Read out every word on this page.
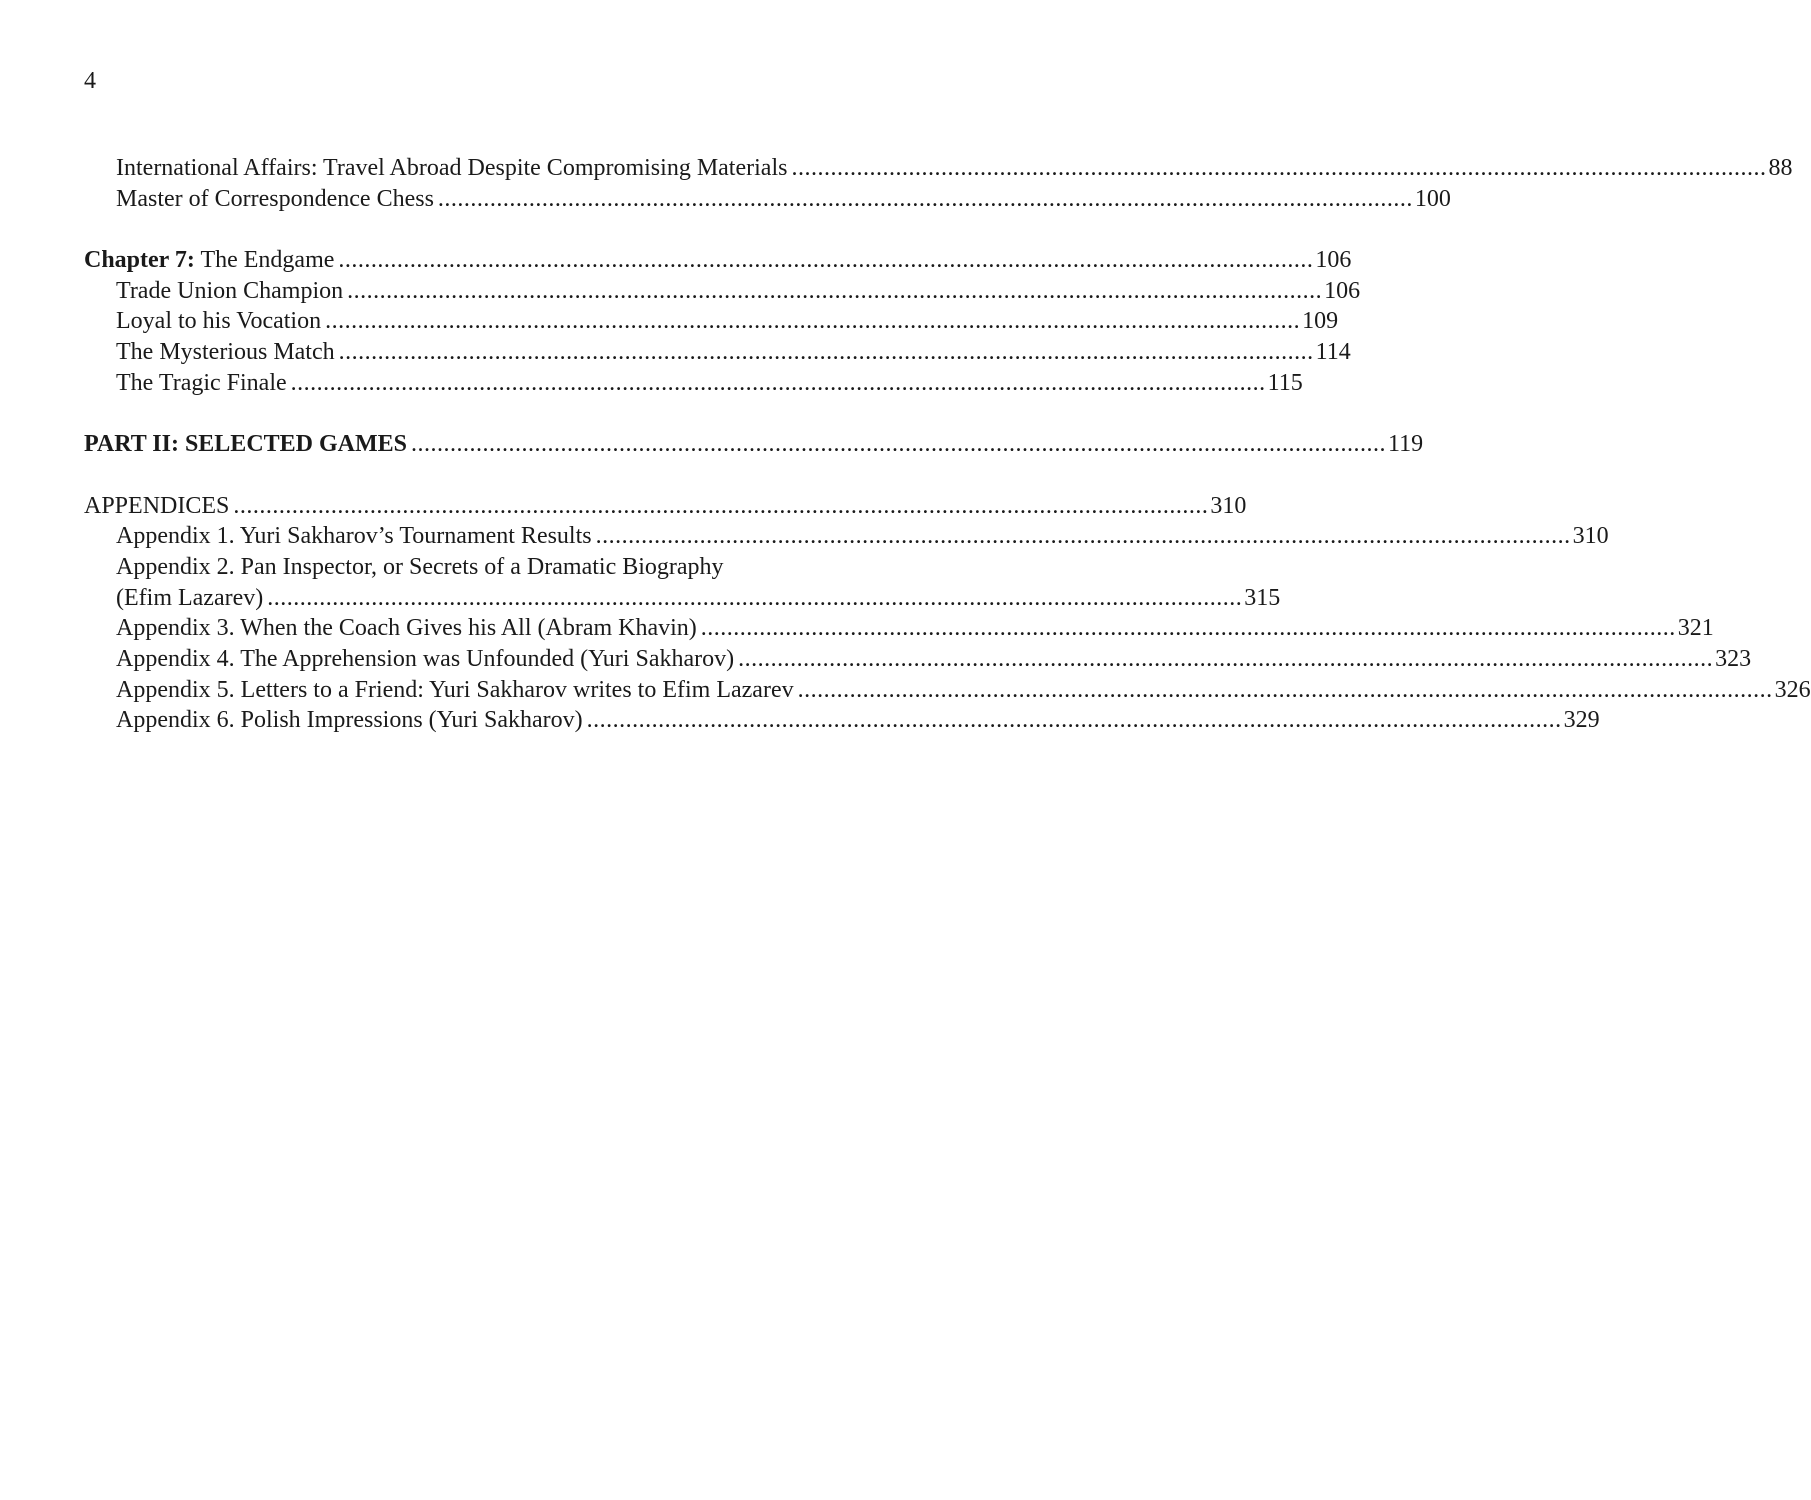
4
International Affairs: Travel Abroad Despite Compromising Materials ...................................................................................................................................................... 88
Master of Correspondence Chess ...................................................................................................................................................... 100
Chapter 7: The Endgame ...................................................................................................................................................... 106
Trade Union Champion ...................................................................................................................................................... 106
Loyal to his Vocation ...................................................................................................................................................... 109
The Mysterious Match ...................................................................................................................................................... 114
The Tragic Finale ...................................................................................................................................................... 115
PART II: SELECTED GAMES ...................................................................................................................................................... 119
APPENDICES ...................................................................................................................................................... 310
Appendix 1. Yuri Sakharov’s Tournament Results ...................................................................................................................................................... 310
Appendix 2. Pan Inspector, or Secrets of a Dramatic Biography
(Efim Lazarev) ...................................................................................................................................................... 315
Appendix 3. When the Coach Gives his All (Abram Khavin) ...................................................................................................................................................... 321
Appendix 4. The Apprehension was Unfounded (Yuri Sakharov) ...................................................................................................................................................... 323
Appendix 5. Letters to a Friend: Yuri Sakharov writes to Efim Lazarev ...................................................................................................................................................... 326
Appendix 6. Polish Impressions (Yuri Sakharov) ...................................................................................................................................................... 329
